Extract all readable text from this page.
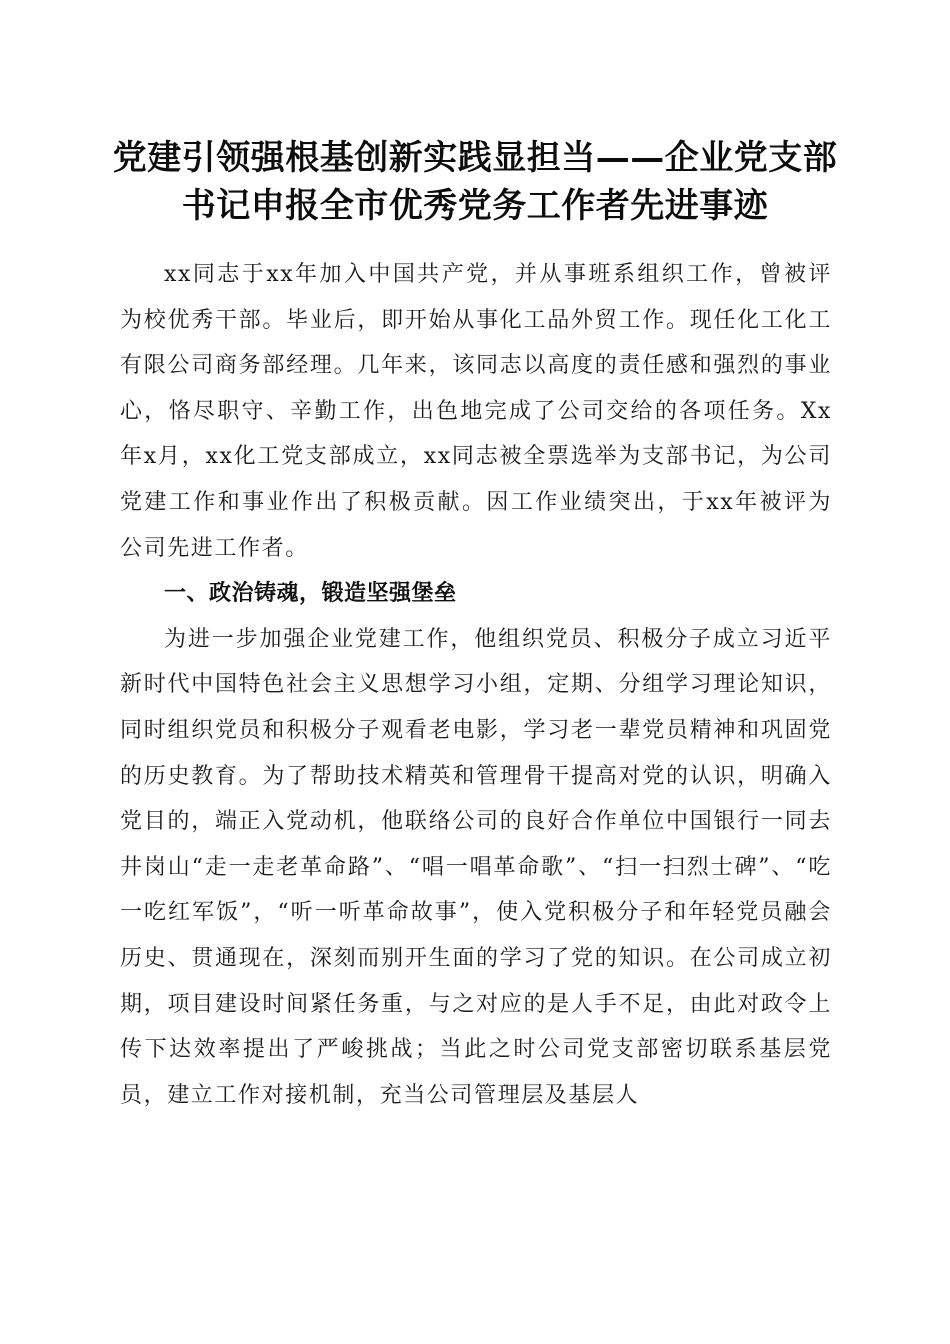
党建引领强根基创新实践显担当——企业党支部书记申报全市优秀党务工作者先进事迹

xx同志于xx年加入中国共产党，并从事班系组织工作，曾被评为校优秀干部。毕业后，即开始从事化工品外贸工作。现任化工化工有限公司商务部经理。几年来，该同志以高度的责任感和强烈的事业心，恪尽职守、辛勤工作，出色地完成了公司交给的各项任务。Xx年x月，xx化工党支部成立，xx同志被全票选举为支部书记，为公司党建工作和事业作出了积极贡献。因工作业绩突出，于xx年被评为公司先进工作者。

一、政治铸魂，锻造坚强堡垒

为进一步加强企业党建工作，他组织党员、积极分子成立习近平新时代中国特色社会主义思想学习小组，定期、分组学习理论知识，同时组织党员和积极分子观看老电影，学习老一辈党员精神和巩固党的历史教育。为了帮助技术精英和管理骨干提高对党的认识，明确入党目的，端正入党动机，他联络公司的良好合作单位中国银行一同去井岗山“走一走老革命路”、“唱一唱革命歌”、“扫一扫烈士碑”、“吃一吃红军饭”，“听一听革命故事”，使入党积极分子和年轻党员融会历史、贯通现在，深刻而别开生面的学习了党的知识。在公司成立初期，项目建设时间紧任务重，与之对应的是人手不足，由此对政令上传下达效率提出了严峻挑战；当此之时公司党支部密切联系基层党员，建立工作对接机制，充当公司管理层及基层人
